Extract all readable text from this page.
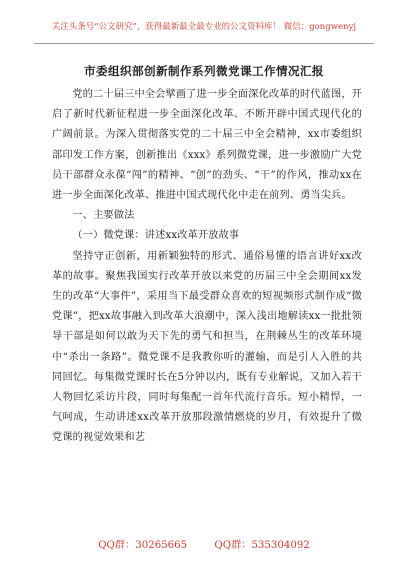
关注头条号“公文研究”，获得最新最全最专业的公文资料库！ 微信：gongwenyj
市委组织部创新制作系列微党课工作情况汇报

党的二十届三中全会擘画了进一步全面深化改革的时代蓝图，开启了新时代新征程进一步全面深化改革、不断开辟中国式现代化的广阔前景。为深入贯彻落实党的二十届三中全会精神，xx市委组织部印发工作方案，创新推出《xxx》系列微党课，进一步激励广大党员干部群众永葆“闯”的精神、“创”的劲头、“干”的作风，推动xx在进一步全面深化改革、推进中国式现代化中走在前列、勇当尖兵。

一、主要做法
（一）微党课：讲述xx改革开放故事

坚持守正创新，用新颖独特的形式、通俗易懂的语言讲好xx改革的故事。聚焦我国实行改革开放以来党的历届三中全会期间xx发生的改革“大事件”，采用当下最受群众喜欢的短视频形式制作成“微党课”，把xx故事融入到改革大浪潮中，深入浅出地解读xx一批批领导干部是如何以敢为天下先的勇气和担当，在荆棘丛生的改革环境中“杀出一条路”。微党课不是我教你听的灌输，而是引人入胜的共同回忆。每集微党课时长在5分钟以内，既有专业解说，又加入若干人物回忆采访片段，同时每集配一首年代流行音乐。短小精悍，一气呵成，生动讲述xx改革开放那段激情燃烧的岁月，有效提升了微党课的视觉效果和艺

QQ群：30265665	QQ群：535304092
